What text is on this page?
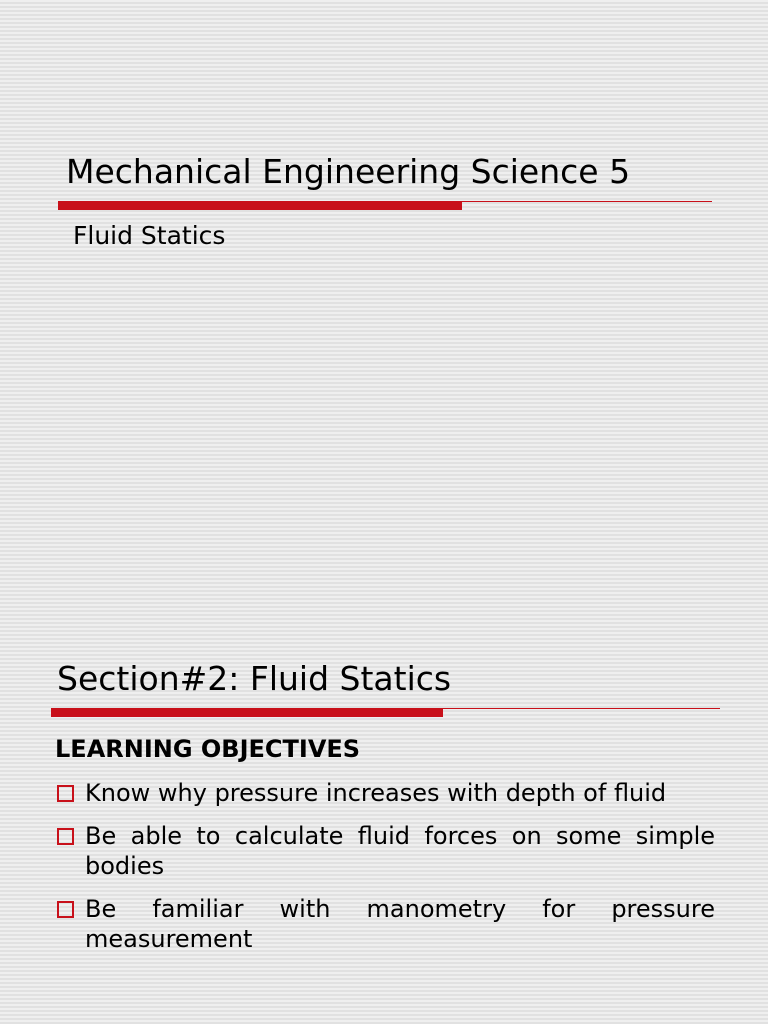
Mechanical Engineering Science 5
Fluid Statics
Section#2: Fluid Statics
LEARNING OBJECTIVES
Know why pressure increases with depth of fluid
Be able to calculate fluid forces on some simple bodies
Be familiar with manometry for pressure measurement
